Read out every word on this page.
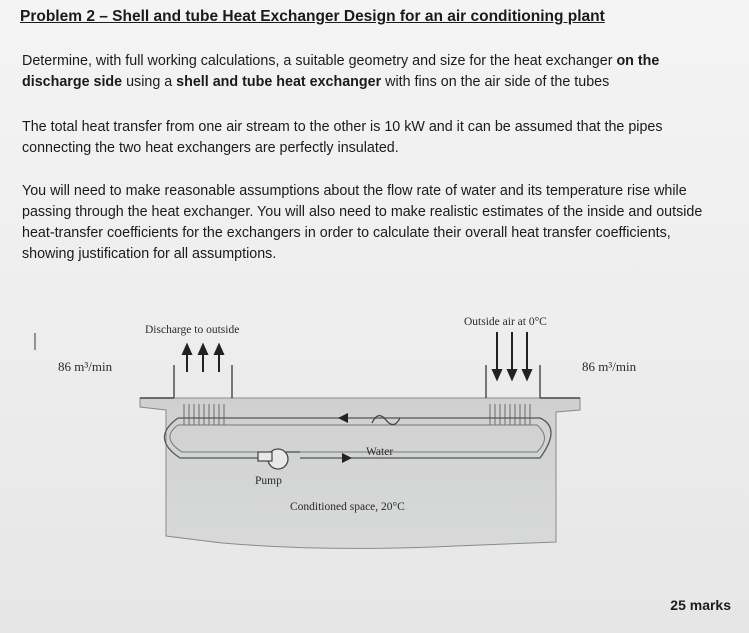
Problem 2 – Shell and tube Heat Exchanger Design for an air conditioning plant

Determine, with full working calculations, a suitable geometry and size for the heat exchanger on the discharge side using a shell and tube heat exchanger with fins on the air side of the tubes

The total heat transfer from one air stream to the other is 10 kW and it can be assumed that the pipes connecting the two heat exchangers are perfectly insulated.

You will need to make reasonable assumptions about the flow rate of water and its temperature rise while passing through the heat exchanger. You will also need to make realistic estimates of the inside and outside heat-transfer coefficients for the exchangers in order to calculate their overall heat transfer coefficients, showing justification for all assumptions.

Discharge to outside
Outside air at 0°C
86 m³/min	86 m³/min
Water
Pump
Conditioned space, 20°C

25 marks
